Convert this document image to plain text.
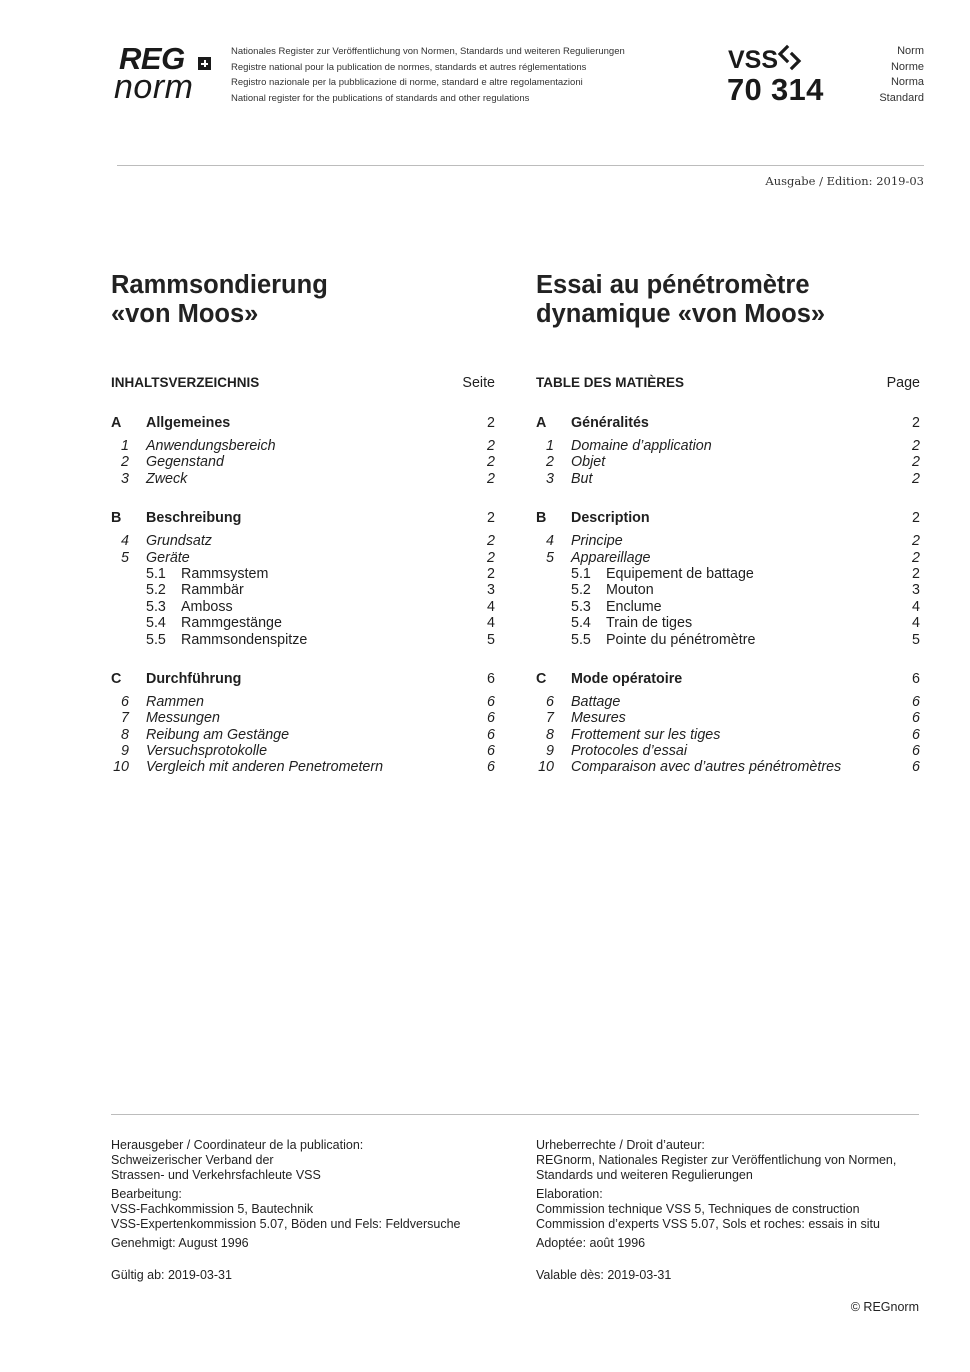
REG
norm
Nationales Register zur Veröffentlichung von Normen, Standards und weiteren Regulierungen
Registre national pour la publication de normes, standards et autres réglementations
Registro nazionale per la pubblicazione di norme, standard e altre regolamentazioni
National register for the publications of standards and other regulations
VSS
70 314
Norm
Norme
Norma
Standard
Ausgabe / Edition: 2019-03
Rammsondierung
«von Moos»
Essai au pénétromètre
dynamique «von Moos»
INHALTSVERZEICHNIS	Seite
A	Allgemeines	2
1 Anwendungsbereich	2
2 Gegenstand	2
3 Zweck	2
B	Beschreibung	2
4 Grundsatz	2
5 Geräte	2
5.1 Rammsystem	2
5.2 Rammbär	3
5.3 Amboss	4
5.4 Rammgestänge	4
5.5 Rammsondenspitze	5
C	Durchführung	6
6 Rammen	6
7 Messungen	6
8 Reibung am Gestänge	6
9 Versuchsprotokolle	6
10 Vergleich mit anderen Penetrometern	6
TABLE DES MATIÈRES	Page
A	Généralités	2
1 Domaine d’application	2
2 Objet	2
3 But	2
B	Description	2
4 Principe	2
5 Appareillage	2
5.1 Equipement de battage	2
5.2 Mouton	3
5.3 Enclume	4
5.4 Train de tiges	4
5.5 Pointe du pénétromètre	5
C	Mode opératoire	6
6 Battage	6
7 Mesures	6
8 Frottement sur les tiges	6
9 Protocoles d’essai	6
10 Comparaison avec d’autres pénétromètres	6

Herausgeber / Coordinateur de la publication:

Schweizerischer Verband der

Strassen- und Verkehrsfachleute VSS

Bearbeitung:

VSS-Fachkommission 5, Bautechnik

VSS-Expertenkommission 5.07, Böden und Fels: Feldversuche

Genehmigt: August 1996

Gültig ab: 2019-03-31

Urheberrechte / Droit d’auteur:

REGnorm, Nationales Register zur Veröffentlichung von Normen,

Standards und weiteren Regulierungen

Elaboration:

Commission technique VSS 5, Techniques de construction

Commission d’experts VSS 5.07, Sols et roches: essais in situ

Adoptée: août 1996

Valable dès: 2019-03-31

© REGnorm
